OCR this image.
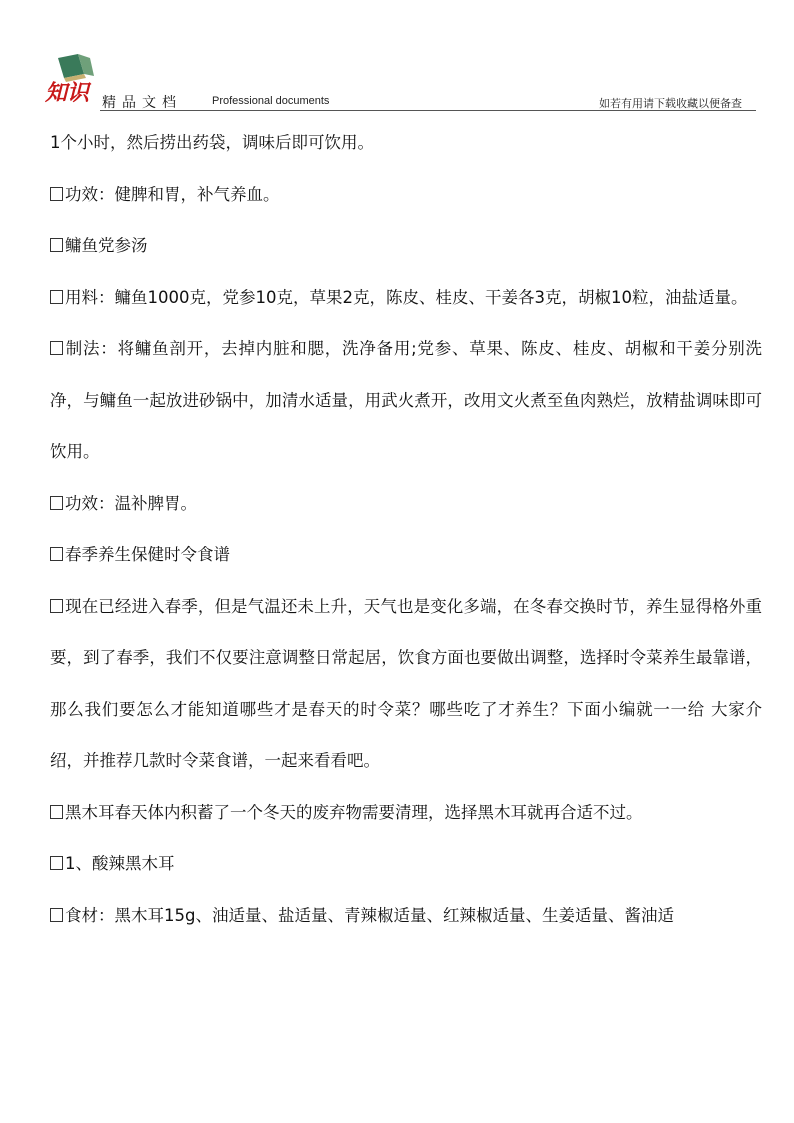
知识 精品文档	Professional documents	如若有用请下载收藏以便备查

1个小时，然后捞出药袋，调味后即可饮用。

功效：健脾和胃，补气养血。

鳙鱼党参汤

用料：鳙鱼1000克，党参10克，草果2克，陈皮、桂皮、干姜各3克，胡椒10粒，油盐适量。

制法：将鳙鱼剖开，去掉内脏和腮，洗净备用;党参、草果、陈皮、桂皮、胡椒和干姜分别洗净，与鳙鱼一起放进砂锅中，加清水适量，用武火煮开，改用文火煮至鱼肉熟烂，放精盐调味即可饮用。

功效：温补脾胃。

春季养生保健时令食谱

现在已经进入春季，但是气温还未上升，天气也是变化多端，在冬春交换时节，养生显得格外重要，到了春季，我们不仅要注意调整日常起居，饮食方面也要做出调整，选择时令菜养生最靠谱，那么我们要怎么才能知道哪些才是春天的时令菜？哪些吃了才养生？下面小编就一一给 大家介绍，并推荐几款时令菜食谱，一起来看看吧。

黑木耳春天体内积蓄了一个冬天的废弃物需要清理，选择黑木耳就再合适不过。

1、酸辣黑木耳

食材：黑木耳15g、油适量、盐适量、青辣椒适量、红辣椒适量、生姜适量、酱油适
